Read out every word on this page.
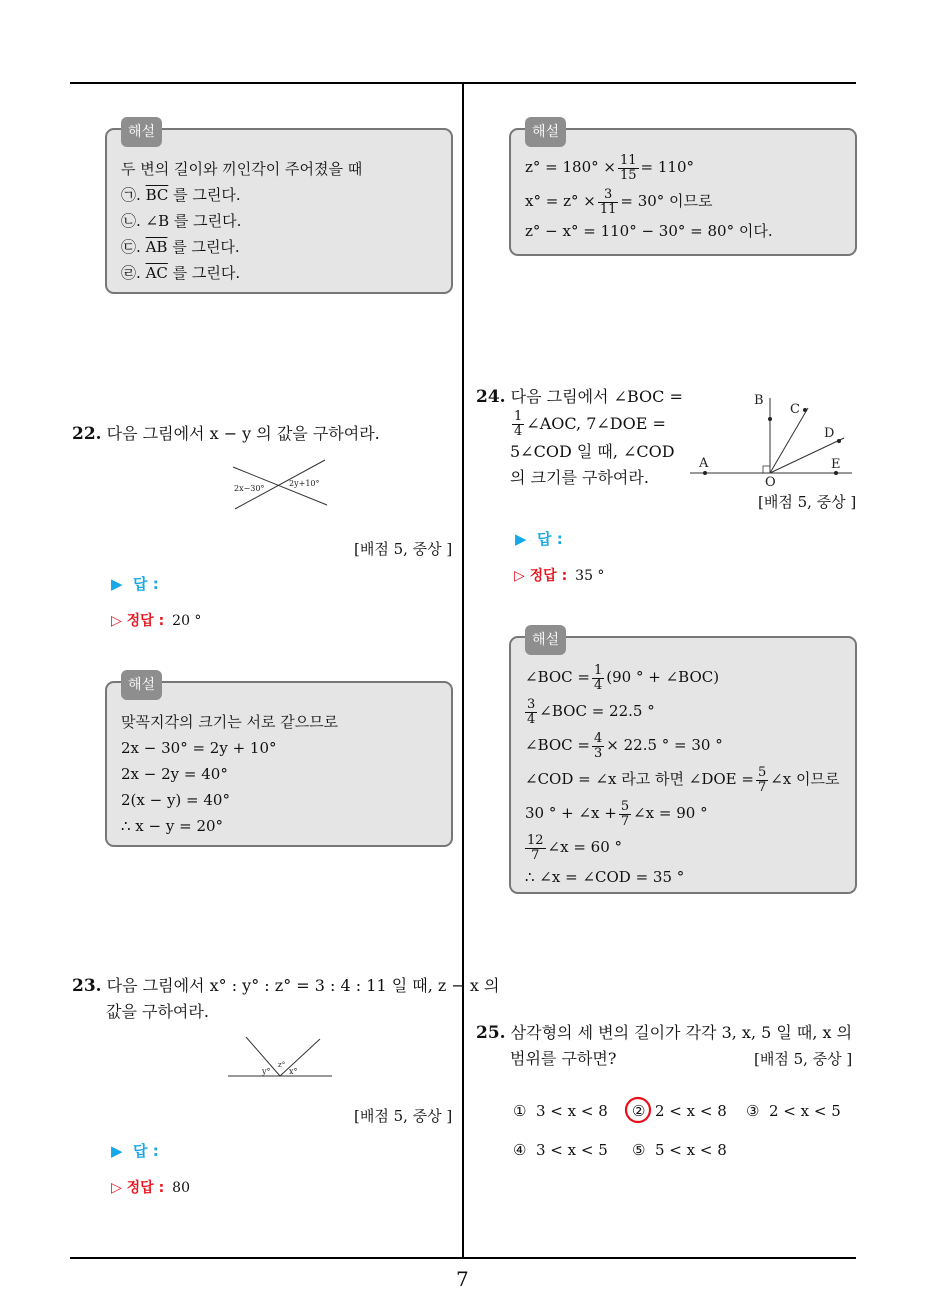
7
해설
두 변의 길이와 끼인각이 주어졌을 때
㉠. $\overline{BC}$ 를 그린다.
㉡. ∠B 를 그린다.
㉢. $\overline{AB}$ 를 그린다.
㉣. $\overline{AC}$ 를 그린다.
22. 다음 그림에서 x − y 의 값을 구하여라.
2x−30°
2y+10°
[배점 5, 중상 ]
▶  답 :
▷ 정답 : 20 °
해설
맞꼭지각의 크기는 서로 같으므로
2x − 30° = 2y + 10°
2x − 2y = 40°
2(x − y) = 40°
∴ x − y = 20°
23. 다음 그림에서 x° : y° : z° = 3 : 4 : 11 일 때, z − x 의
값을 구하여라.
y°
z°
x°
[배점 5, 중상 ]
▶  답 :
▷ 정답 : 80
해설
$z^\circ = 180^\circ \times \frac{11}{15} = 110^\circ$
$x^\circ = z^\circ \times \frac{3}{11} = 30^\circ$ 이므로
z° − x° = 110° − 30° = 80° 이다.
24. 다음 그림에서 ∠BOC =
$\frac{1}{4}$ ∠AOC, 7∠DOE =
5∠COD 일 때, ∠COD
의 크기를 구하여라.
B
C
D
A	E
O
[배점 5, 중상 ]
▶  답 :
▷ 정답 : 35 °
해설
∠BOC = $\frac{1}{4} (90$ ° + ∠BOC)
$\frac{3}{4}$ ∠BOC = 22.5 °
∠BOC = $\frac{4}{3} \times 22.5$ ° = 30 °
∠COD = ∠x 라고 하면 ∠DOE = $\frac{5}{7}$ ∠x 이므로
30 ° + ∠x + $\frac{5}{7}$ ∠x = 90 °
$\frac{12}{7}$ ∠x = 60 °
∴ ∠x = ∠COD = 35 °
25. 삼각형의 세 변의 길이가 각각 3, x, 5 일 때, x 의
범위를 구하면?	[배점 5, 중상 ]
①  3 < x < 8 ②  2 < x < 8 ③  2 < x < 5
④  3 < x < 5 ⑤  5 < x < 8
